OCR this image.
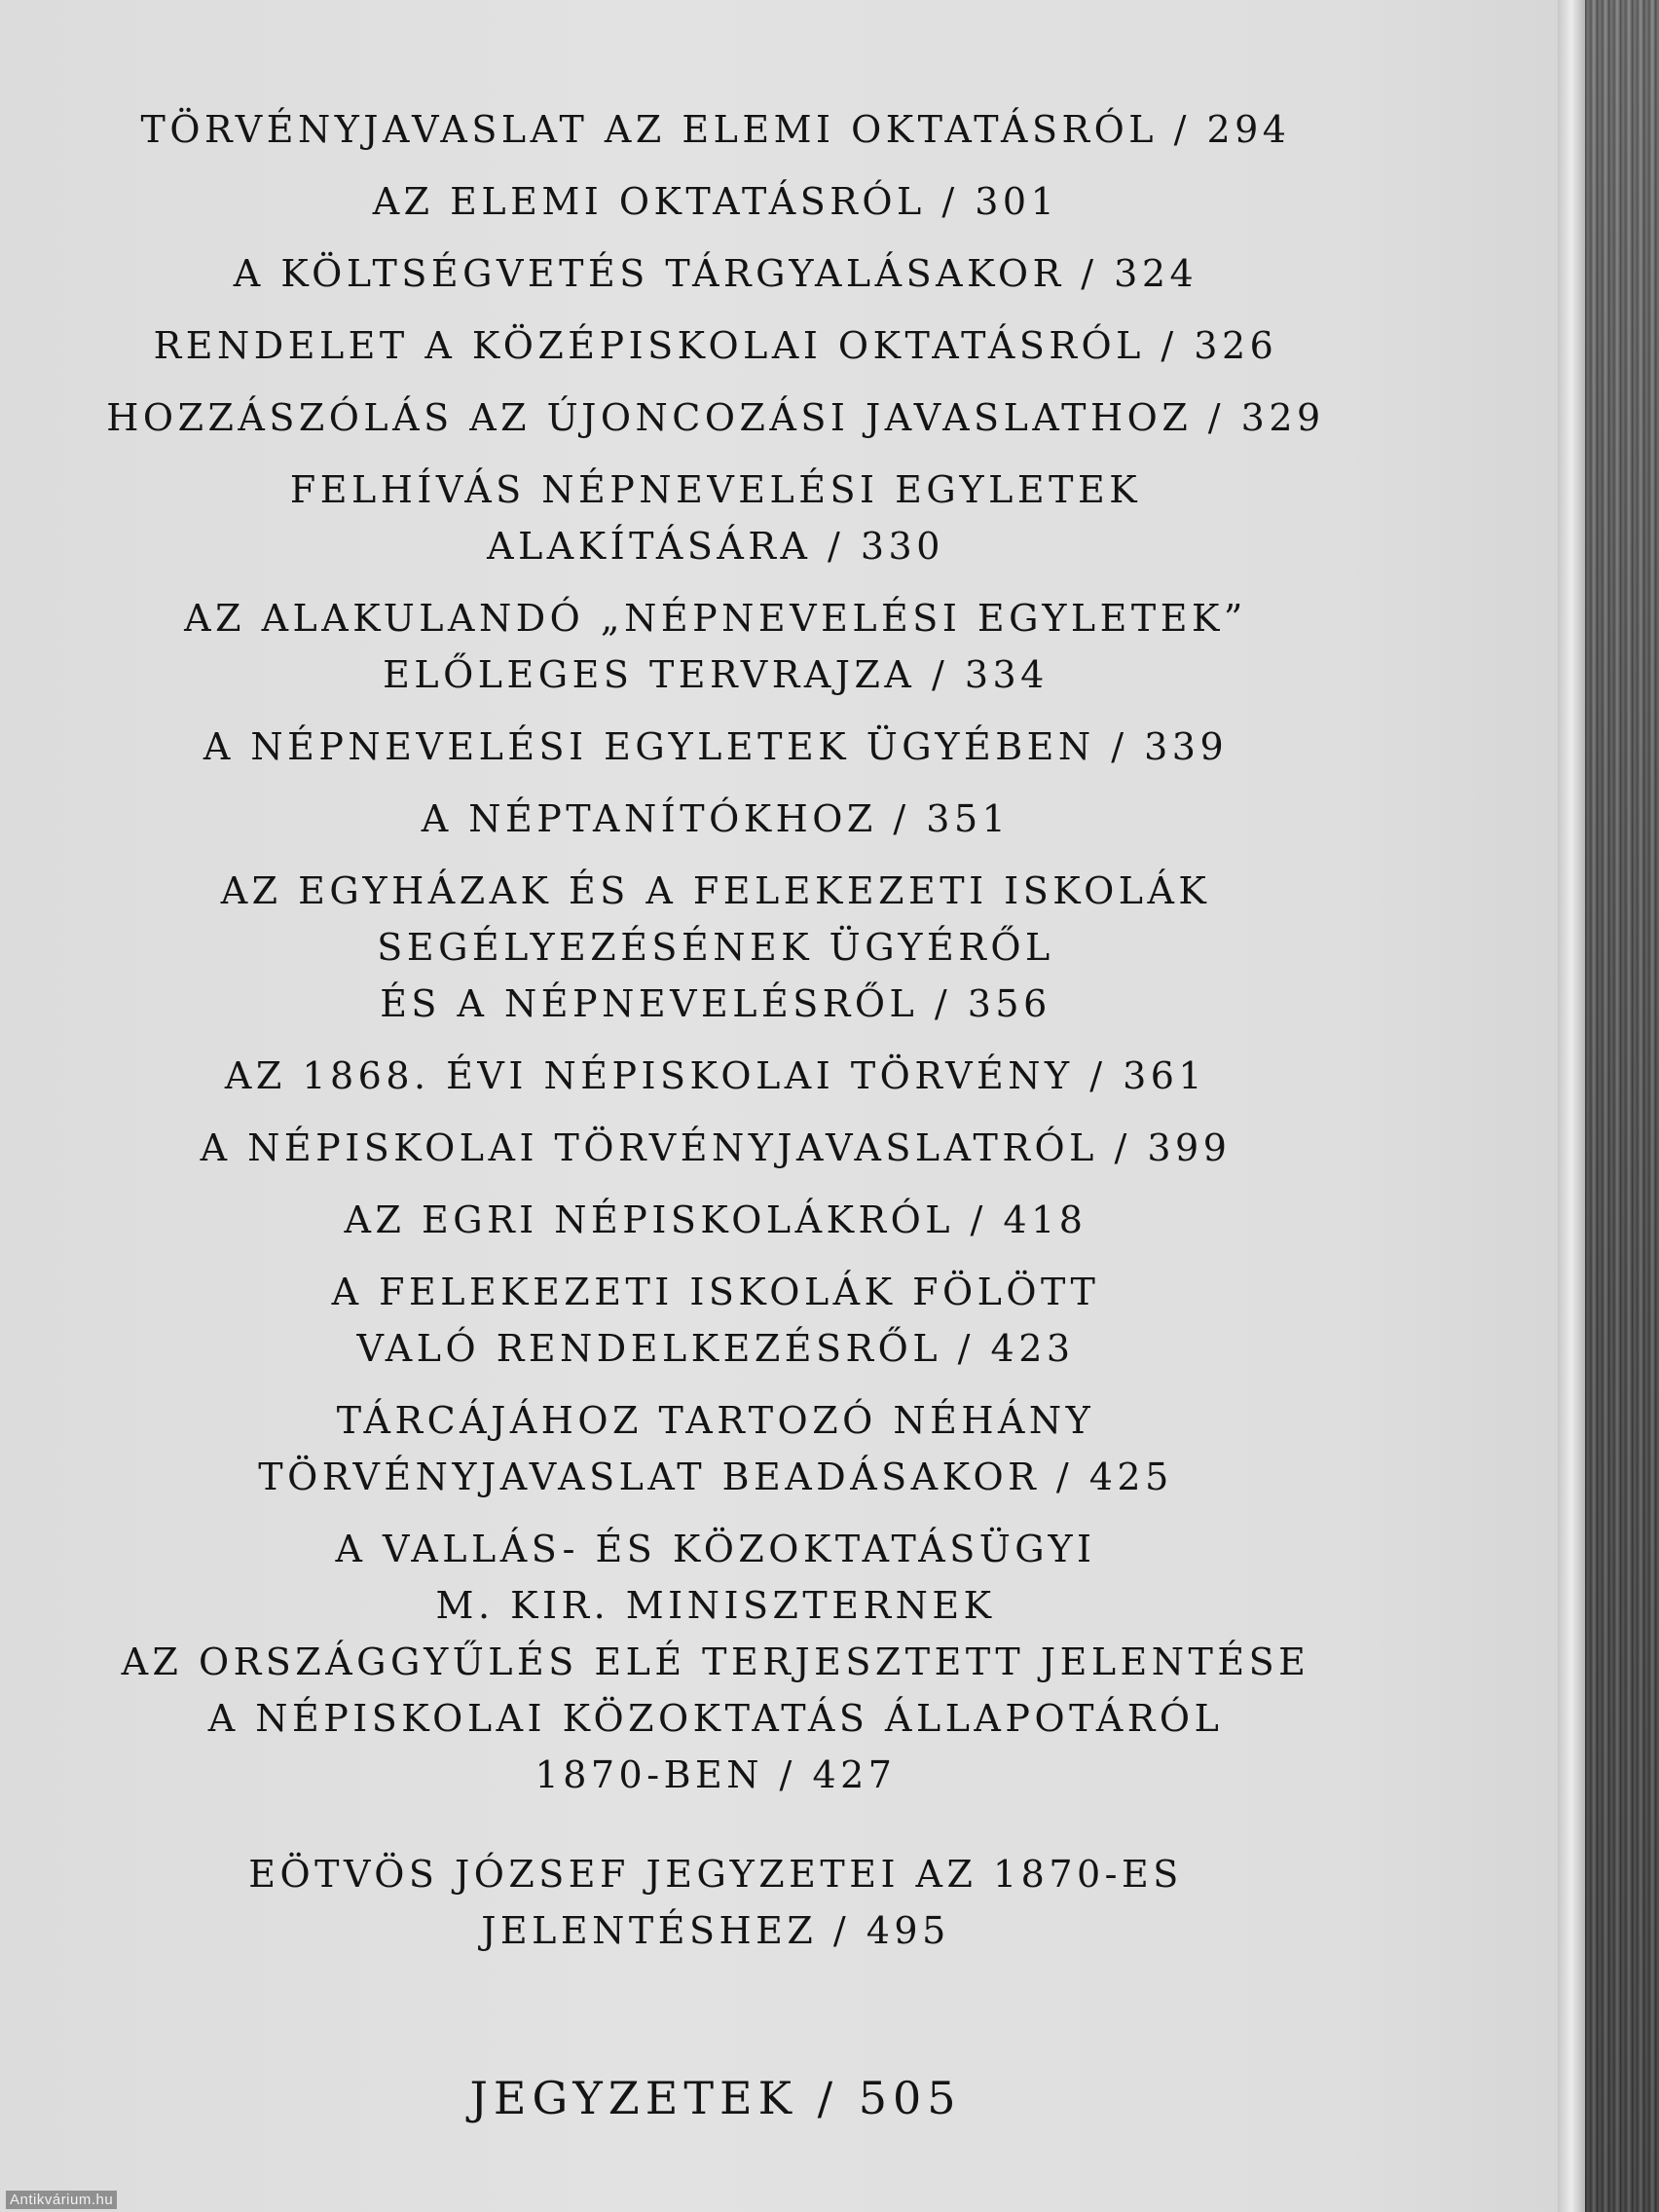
TÖRVÉNYJAVASLAT AZ ELEMI OKTATÁSRÓL / 294
AZ ELEMI OKTATÁSRÓL / 301
A KÖLTSÉGVETÉS TÁRGYALÁSAKOR / 324
RENDELET A KÖZÉPISKOLAI OKTATÁSRÓL / 326
HOZZÁSZÓLÁS AZ ÚJONCOZÁSI JAVASLATHOZ / 329
FELHÍVÁS NÉPNEVELÉSI EGYLETEK
ALAKÍTÁSÁRA / 330
AZ ALAKULANDÓ „NÉPNEVELÉSI EGYLETEK”
ELŐLEGES TERVRAJZA / 334
A NÉPNEVELÉSI EGYLETEK ÜGYÉBEN / 339
A NÉPTANÍTÓKHOZ / 351
AZ EGYHÁZAK ÉS A FELEKEZETI ISKOLÁK
SEGÉLYEZÉSÉNEK ÜGYÉRŐL
ÉS A NÉPNEVELÉSRŐL / 356
AZ 1868. ÉVI NÉPISKOLAI TÖRVÉNY / 361
A NÉPISKOLAI TÖRVÉNYJAVASLATRÓL / 399
AZ EGRI NÉPISKOLÁKRÓL / 418
A FELEKEZETI ISKOLÁK FÖLÖTT
VALÓ RENDELKEZÉSRŐL / 423
TÁRCÁJÁHOZ TARTOZÓ NÉHÁNY
TÖRVÉNYJAVASLAT BEADÁSAKOR / 425
A VALLÁS- ÉS KÖZOKTATÁSÜGYI
M. KIR. MINISZTERNEK
AZ ORSZÁGGYŰLÉS ELÉ TERJESZTETT JELENTÉSE
A NÉPISKOLAI KÖZOKTATÁS ÁLLAPOTÁRÓL
1870-BEN / 427
EÖTVÖS JÓZSEF JEGYZETEI AZ 1870-ES
JELENTÉSHEZ / 495
JEGYZETEK / 505
Antikvárium.hu
